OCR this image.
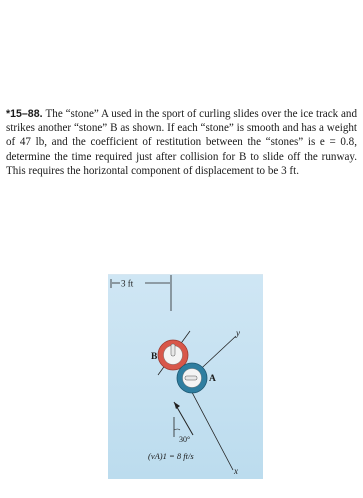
*15–88. The “stone” A used in the sport of curling slides over the ice track and strikes another “stone” B as shown. If each “stone” is smooth and has a weight of 47 lb, and the coefficient of restitution between the “stones” is e = 0.8, determine the time required just after collision for B to slide off the runway. This requires the horizontal component of displacement to be 3 ft.

3 ft
y
x
B
A
30°
(vA)1 = 8 ft/s
